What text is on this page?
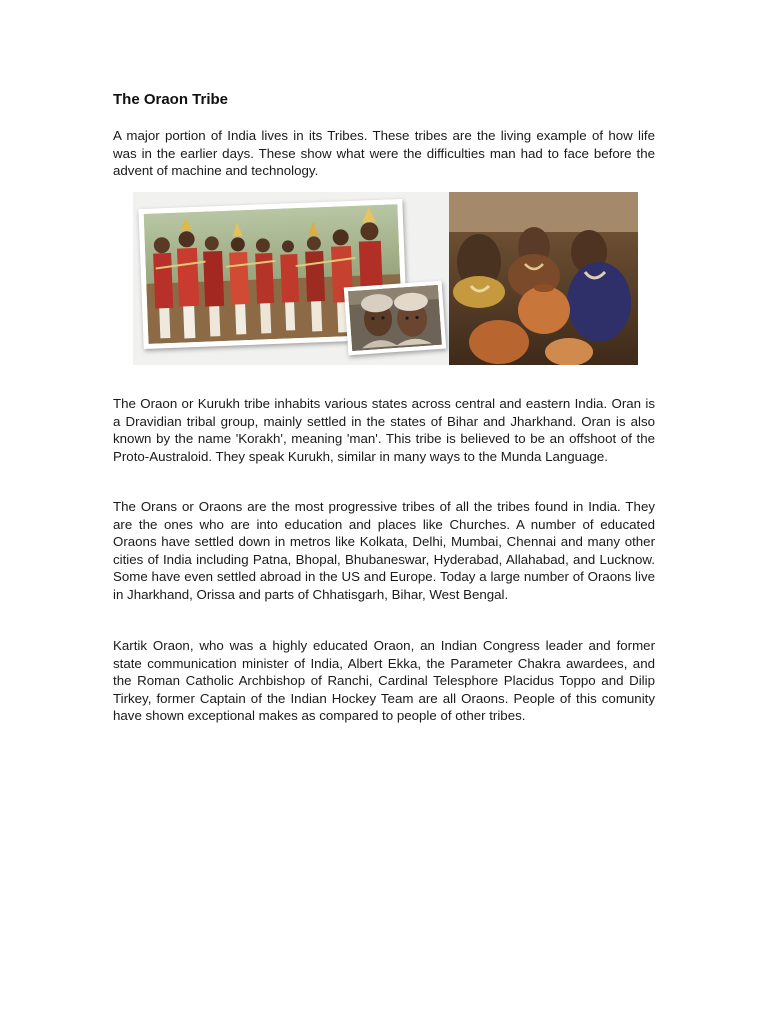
The Oraon Tribe

A major portion of India lives in its Tribes. These tribes are the living example of how life was in the earlier days. These show what were the difficulties man had to face before the advent of machine and technology.

The Oraon or Kurukh tribe inhabits various states across central and eastern India. Oran is a Dravidian tribal group, mainly settled in the states of Bihar and Jharkhand. Oran is also known by the name 'Korakh', meaning 'man'. This tribe is believed to be an offshoot of the Proto-Australoid. They speak Kurukh, similar in many ways to the Munda Language.

The Orans or Oraons are the most progressive tribes of all the tribes found in India. They are the ones who are into education and places like Churches. A number of educated Oraons have settled down in metros like Kolkata, Delhi, Mumbai, Chennai and many other cities of India including Patna, Bhopal, Bhubaneswar, Hyderabad, Allahabad, and Lucknow. Some have even settled abroad in the US and Europe. Today a large number of Oraons live in Jharkhand, Orissa and parts of Chhatisgarh, Bihar, West Bengal.

Kartik Oraon, who was a highly educated Oraon, an Indian Congress leader and former state communication minister of India, Albert Ekka, the Parameter Chakra awardees, and the Roman Catholic Archbishop of Ranchi, Cardinal Telesphore Placidus Toppo and Dilip Tirkey, former Captain of the Indian Hockey Team are all Oraons. People of this comunity have shown exceptional makes as compared to people of other tribes.
